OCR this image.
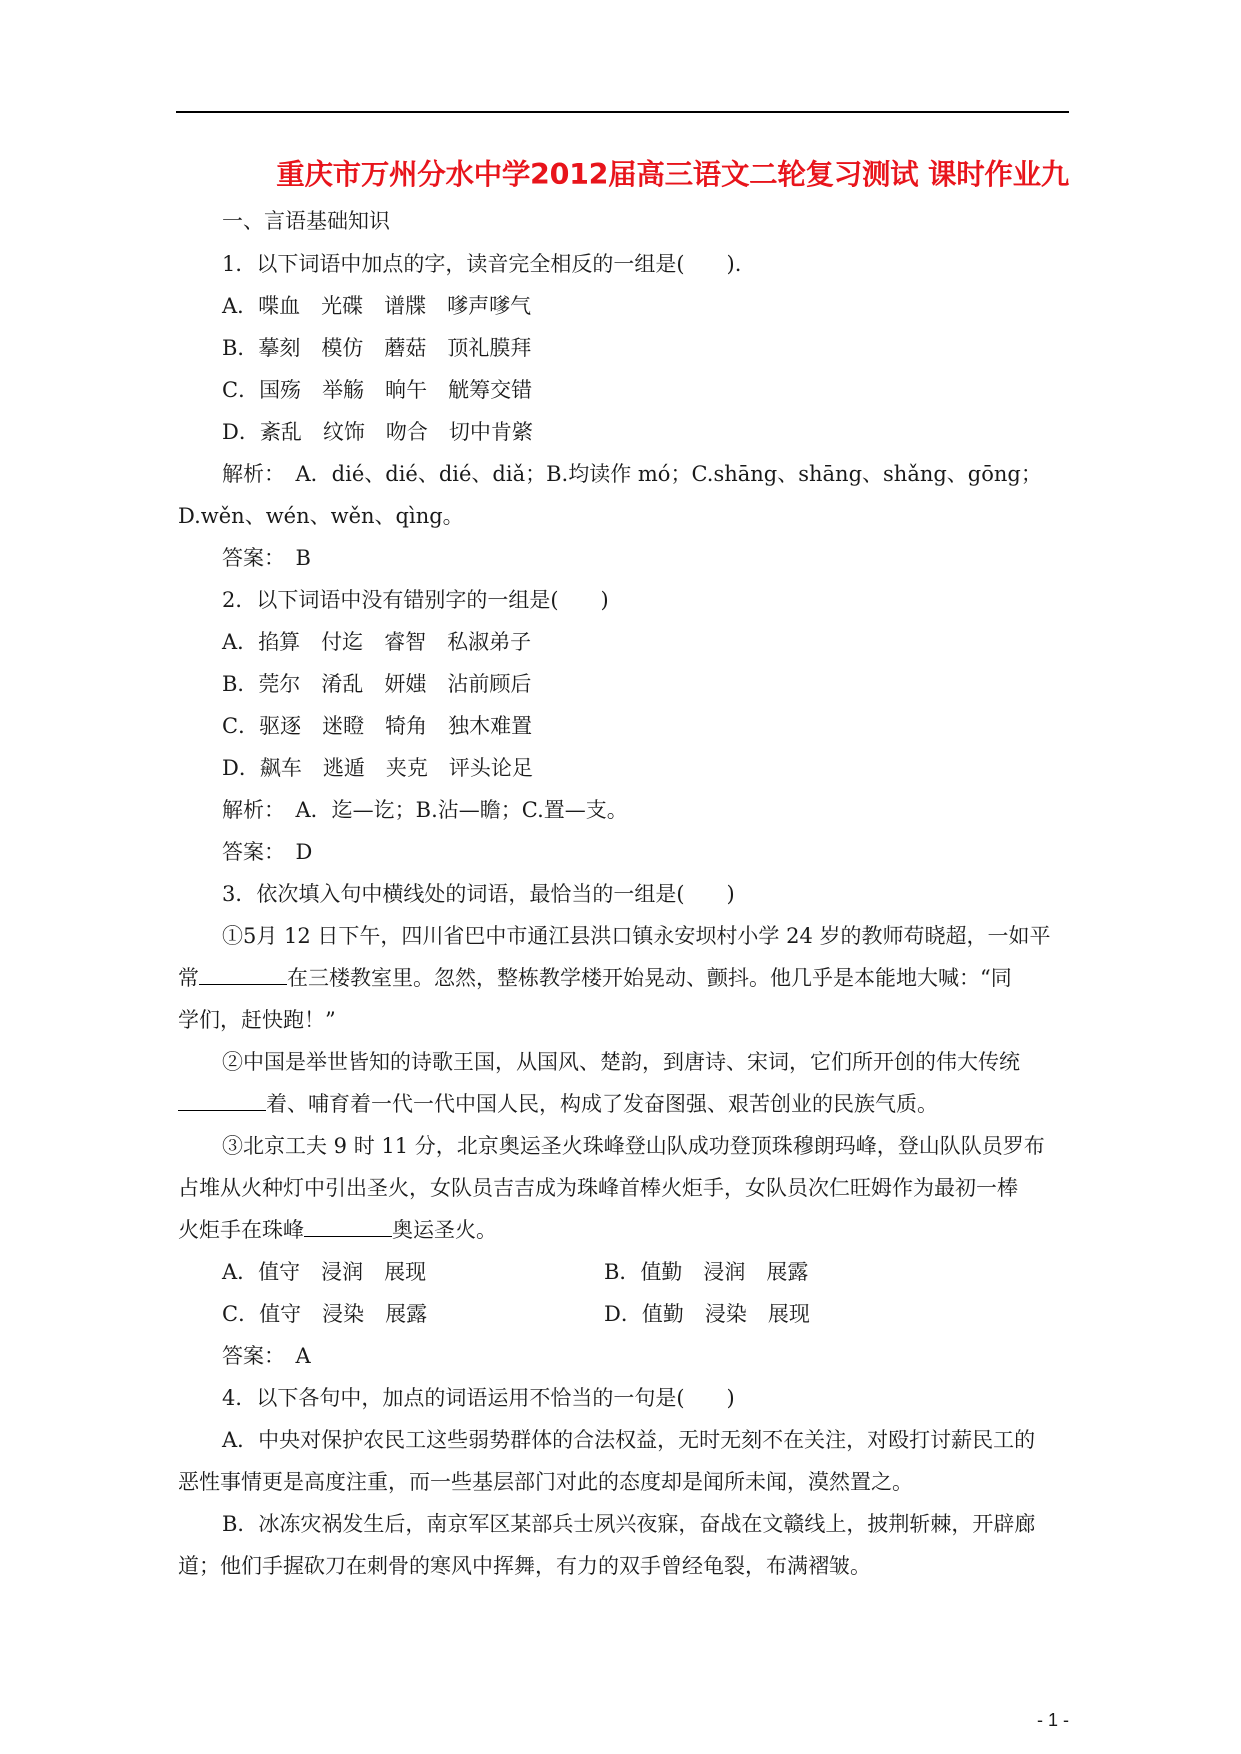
重庆市万州分水中学2012届高三语文二轮复习测试 课时作业九
一、言语基础知识
1．以下词语中加点的字，读音完全相反的一组是(　　).
A．喋血　光碟　谱牒　嗲声嗲气
B．摹刻　模仿　蘑菇　顶礼膜拜
C．国殇　举觞　晌午　觥筹交错
D．紊乱　纹饰　吻合　切中肯綮
解析：　A．dié、dié、dié、diǎ；B.均读作 mó；C.shāng、shāng、shǎng、gōng；
D.wěn、wén、wěn、qìng。
答案：　B
2．以下词语中没有错别字的一组是(　　)
A．掐算　付迄　睿智　私淑弟子
B．莞尔　淆乱　妍媸　沾前顾后
C．驱逐　迷瞪　犄角　独木难置
D．飙车　逃遁　夹克　评头论足
解析：　A．迄—讫；B.沾—瞻；C.置—支。
答案：　D
3．依次填入句中横线处的词语，最恰当的一组是(　　)
①5月 12 日下午，四川省巴中市通江县洪口镇永安坝村小学 24 岁的教师苟晓超，一如平
常	在三楼教室里。忽然，整栋教学楼开始晃动、颤抖。他几乎是本能地大喊：“同
学们，赶快跑！”
②中国是举世皆知的诗歌王国，从国风、楚韵，到唐诗、宋词，它们所开创的伟大传统
着、哺育着一代一代中国人民，构成了发奋图强、艰苦创业的民族气质。
③北京工夫 9 时 11 分，北京奥运圣火珠峰登山队成功登顶珠穆朗玛峰，登山队队员罗布
占堆从火种灯中引出圣火，女队员吉吉成为珠峰首棒火炬手，女队员次仁旺姆作为最初一棒
火炬手在珠峰	奥运圣火。
A．值守　浸润　展现	B．值勤　浸润　展露
C．值守　浸染　展露	D．值勤　浸染　展现
答案：　A
4．以下各句中，加点的词语运用不恰当的一句是(　　)
A．中央对保护农民工这些弱势群体的合法权益，无时无刻不在关注，对殴打讨薪民工的
恶性事情更是高度注重，而一些基层部门对此的态度却是闻所未闻，漠然置之。
B．冰冻灾祸发生后，南京军区某部兵士夙兴夜寐，奋战在文赣线上，披荆斩棘，开辟廊
道；他们手握砍刀在刺骨的寒风中挥舞，有力的双手曾经龟裂，布满褶皱。
- 1 -
